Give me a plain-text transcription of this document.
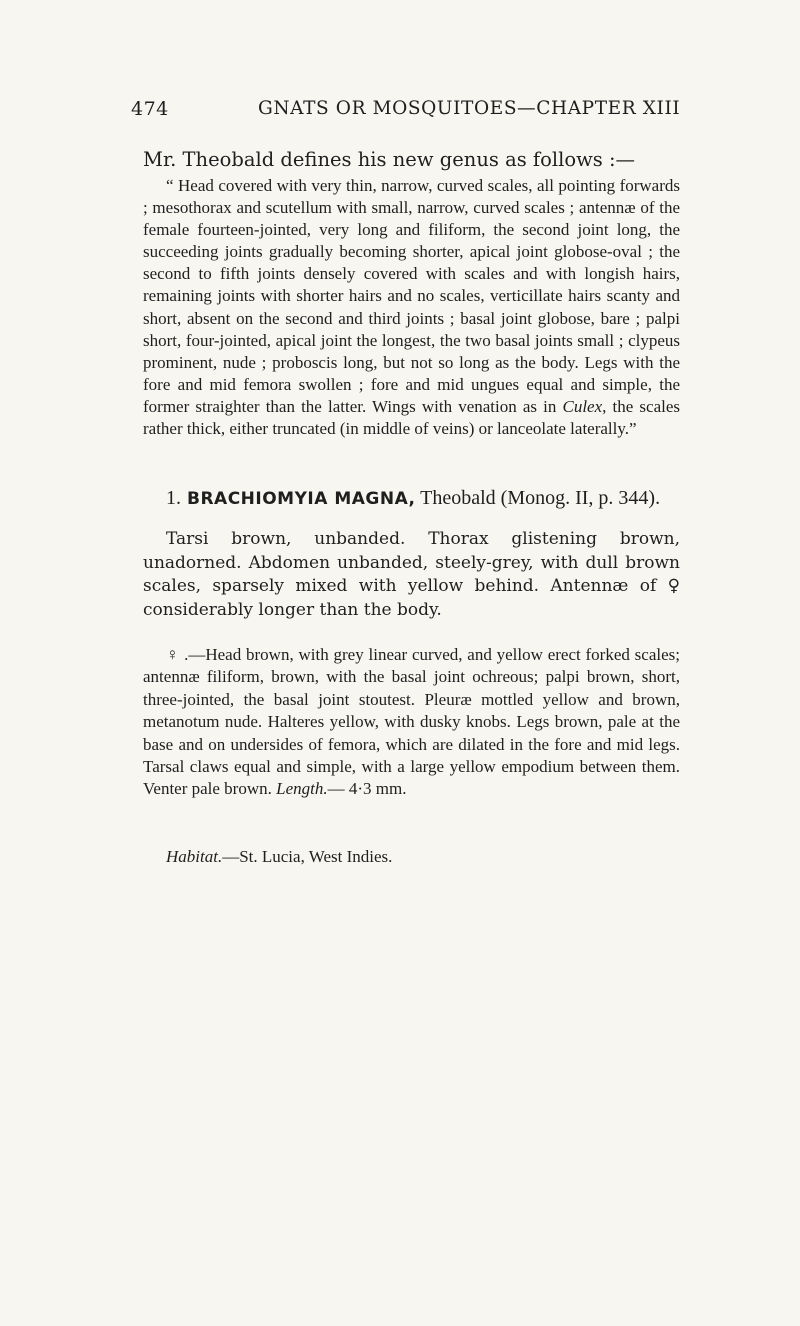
474	GNATS OR MOSQUITOES—CHAPTER XIII

Mr. Theobald defines his new genus as follows :—

“ Head covered with very thin, narrow, curved scales, all pointing forwards ; mesothorax and scutellum with small, narrow, curved scales ; antennæ of the female fourteen-jointed, very long and filiform, the second joint long, the succeeding joints gradually becoming shorter, apical joint globose-oval ; the second to fifth joints densely covered with scales and with longish hairs, remaining joints with shorter hairs and no scales, verticillate hairs scanty and short, absent on the second and third joints ; basal joint globose, bare ; palpi short, four-jointed, apical joint the longest, the two basal joints small ; clypeus prominent, nude ; proboscis long, but not so long as the body. Legs with the fore and mid femora swollen ; fore and mid ungues equal and simple, the former straighter than the latter. Wings with venation as in Culex, the scales rather thick, either truncated (in middle of veins) or lanceolate laterally.”

1. BRACHIOMYIA MAGNA, Theobald (Monog. II, p. 344).

Tarsi brown, unbanded. Thorax glistening brown, unadorned. Abdomen unbanded, steely-grey, with dull brown scales, sparsely mixed with yellow behind. Antennæ of ♀ considerably longer than the body.

♀ .—Head brown, with grey linear curved, and yellow erect forked scales; antennæ filiform, brown, with the basal joint ochreous; palpi brown, short, three-jointed, the basal joint stoutest. Pleuræ mottled yellow and brown, metanotum nude. Halteres yellow, with dusky knobs. Legs brown, pale at the base and on undersides of femora, which are dilated in the fore and mid legs. Tarsal claws equal and simple, with a large yellow empodium between them. Venter pale brown. Length.— 4·3 mm.

Habitat.—St. Lucia, West Indies.
